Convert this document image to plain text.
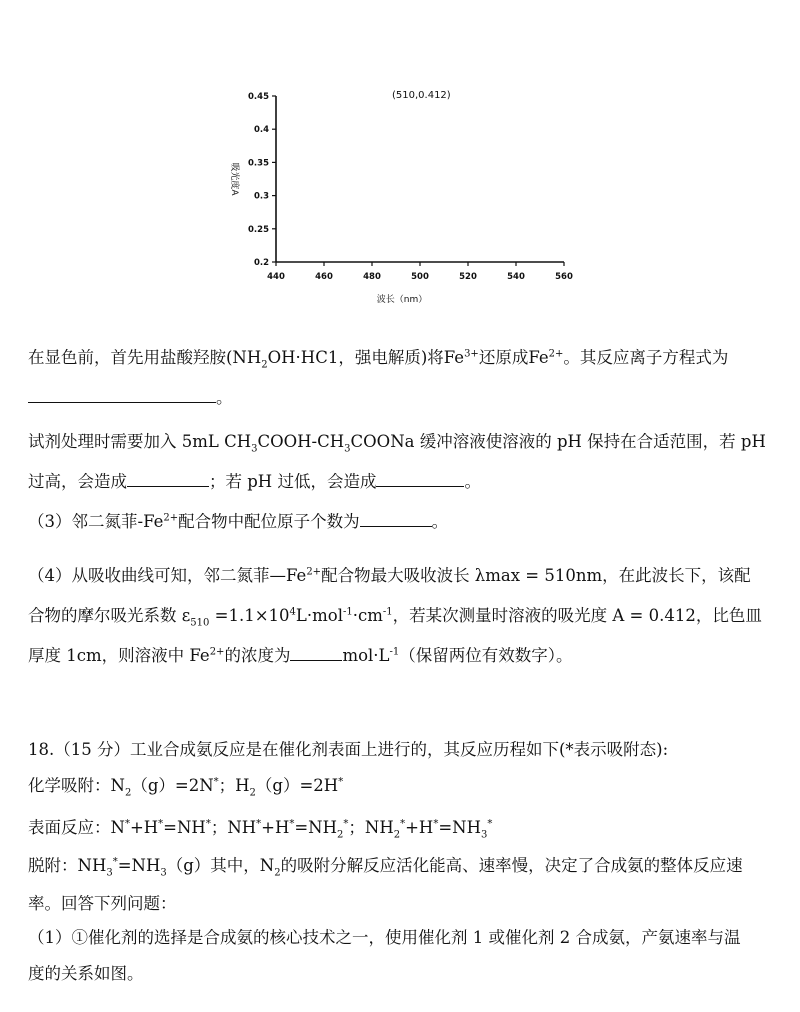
0.45
0.4
0.35
0.3
0.25
0.2
440	460	480	500	520	540	560
波长（nm）
吸光度A
(510,0.412)
在显色前，首先用盐酸羟胺($NH_2OH\cdot HC1$，强电解质)将$Fe^{3+}$还原成$Fe^{2+}$。其反应离子方程式为
。
试剂处理时需要加入 5mL $CH_3COOH-CH_3COONa$ 缓冲溶液使溶液的 pH 保持在合适范围，若 pH
过高，会造成	；若 pH 过低，会造成	。
（3）邻二氮菲$-Fe^{2+}$配合物中配位原子个数为	。
（4）从吸收曲线可知，邻二氮菲$—Fe^{2+}$配合物最大吸收波长 λmax = 510nm，在此波长下，该配
合物的摩尔吸光系数 $\varepsilon_{510} =1.1\times 10^4L\cdot mol^{-1}\cdot cm^{-1}$，若某次测量时溶液的吸光度 A = 0.412，比色皿
厚度 1cm，则溶液中 $Fe^{2+}$的浓度为	$mol\cdot L^{-1}$（保留两位有效数字）。
18.（15 分）工业合成氨反应是在催化剂表面上进行的，其反应历程如下(*表示吸附态):
化学吸附：$N_2(g)=2N^*$；$H_2(g)=2H^*$
表面反应：N*+H*=NH*；$NH^*+H^*=NH_2^*$；$NH_2^*+H^*=NH_3^*$
脱附：$NH_3^*=NH_3(g)$其中，$N_2$的吸附分解反应活化能高、速率慢，决定了合成氨的整体反应速
率。回答下列问题：
（1）①催化剂的选择是合成氨的核心技术之一，使用催化剂 1 或催化剂 2 合成氨，产氨速率与温
度的关系如图。
